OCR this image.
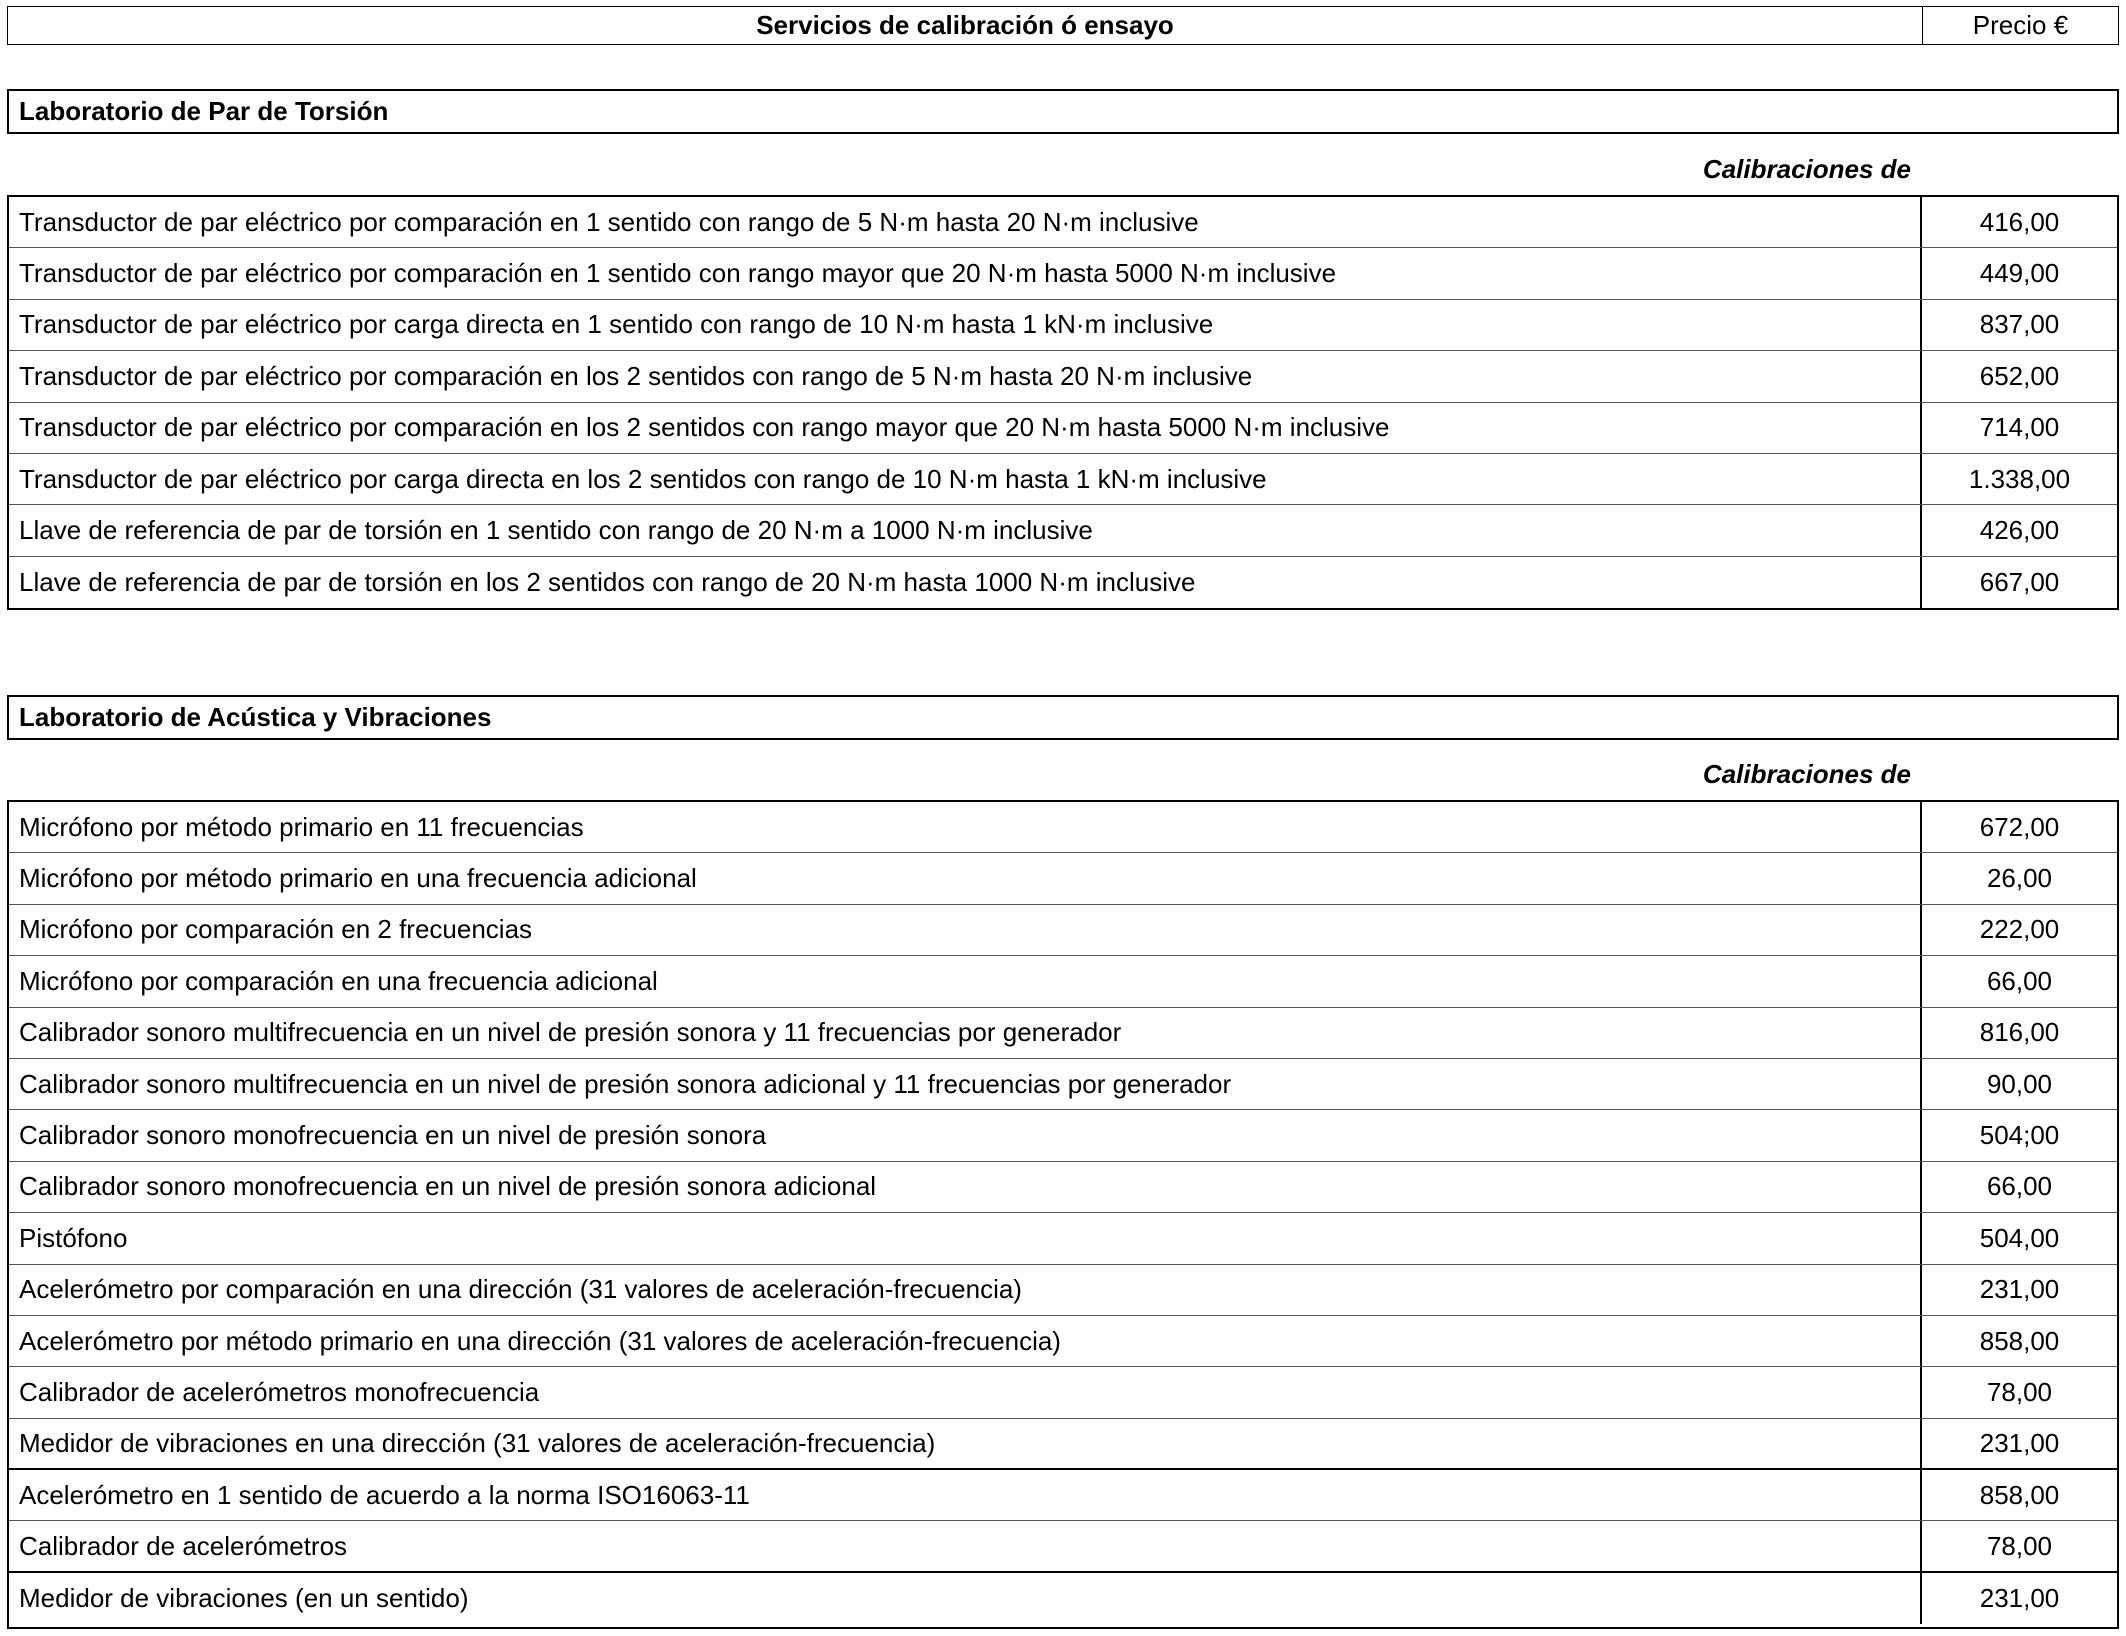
Servicios de calibración ó ensayo	Precio €
Laboratorio de Par de Torsión
Calibraciones de
Transductor de par eléctrico por comparación en 1 sentido con rango de 5 N·m hasta 20 N·m inclusive	416,00
Transductor de par eléctrico por comparación en 1 sentido con rango mayor que 20 N·m hasta 5000 N·m inclusive	449,00
Transductor de par eléctrico por carga directa en 1 sentido con rango de 10 N·m hasta 1 kN·m inclusive	837,00
Transductor de par eléctrico por comparación en los 2 sentidos con rango de 5 N·m hasta 20 N·m inclusive	652,00
Transductor de par eléctrico por comparación en los 2 sentidos con rango mayor que 20 N·m hasta 5000 N·m inclusive	714,00
Transductor de par eléctrico por carga directa en los 2 sentidos con rango de 10 N·m hasta 1 kN·m inclusive	1.338,00
Llave de referencia de par de torsión en 1 sentido con rango de 20 N·m a 1000 N·m inclusive	426,00
Llave de referencia de par de torsión en los 2 sentidos con rango de 20 N·m hasta 1000 N·m inclusive	667,00
Laboratorio de Acústica y Vibraciones
Calibraciones de
Micrófono por método primario en 11 frecuencias	672,00
Micrófono por método primario en una frecuencia adicional	26,00
Micrófono por comparación en 2 frecuencias	222,00
Micrófono por comparación en una frecuencia adicional	66,00
Calibrador sonoro multifrecuencia en un nivel de presión sonora y 11 frecuencias por generador	816,00
Calibrador sonoro multifrecuencia en un nivel de presión sonora adicional y 11 frecuencias por generador	90,00
Calibrador sonoro monofrecuencia en un nivel de presión sonora	504;00
Calibrador sonoro monofrecuencia en un nivel de presión sonora adicional	66,00
Pistófono	504,00
Acelerómetro por comparación en una dirección (31 valores de aceleración-frecuencia)	231,00
Acelerómetro por método primario en una dirección (31 valores de aceleración-frecuencia)	858,00
Calibrador de acelerómetros monofrecuencia	78,00
Medidor de vibraciones en una dirección (31 valores de aceleración-frecuencia)	231,00
Acelerómetro en 1 sentido de acuerdo a la norma ISO16063-11	858,00
Calibrador de acelerómetros	78,00
Medidor de vibraciones (en un sentido)	231,00
